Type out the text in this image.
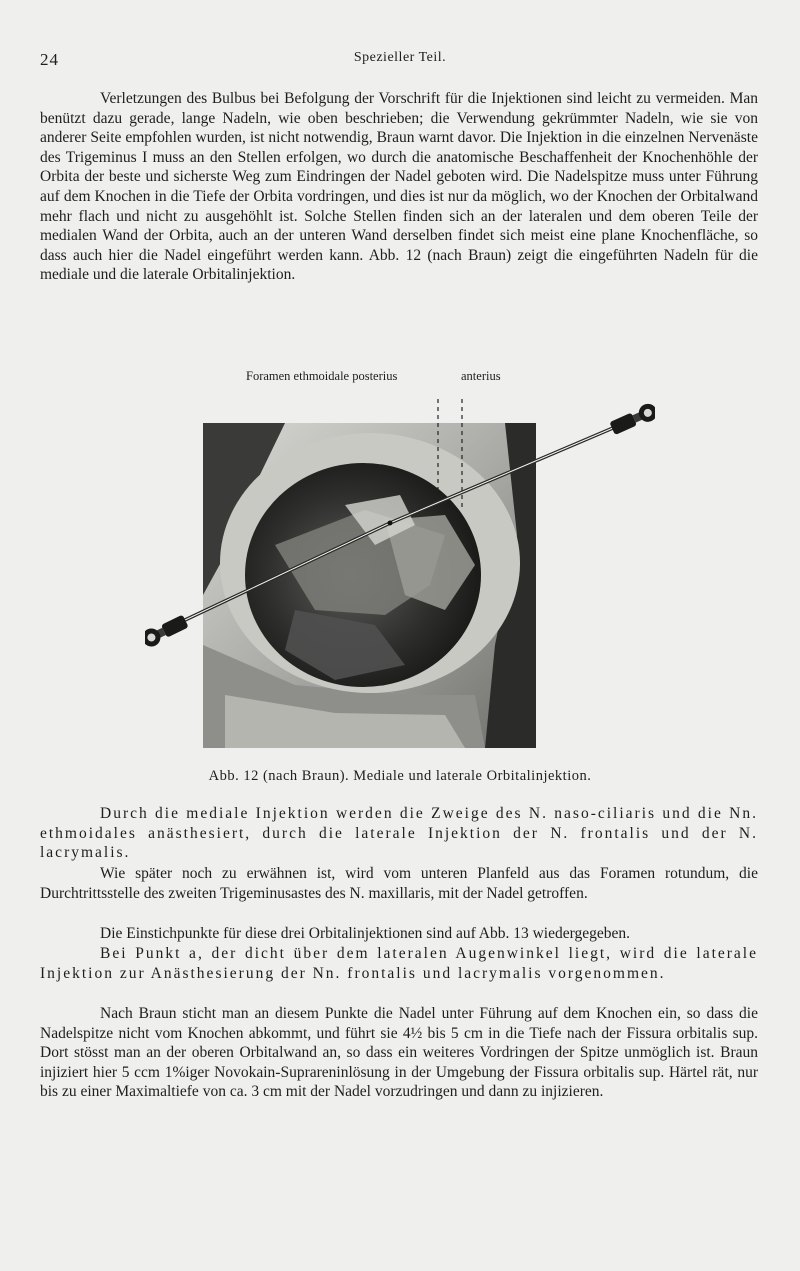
24	Spezieller Teil.

Verletzungen des Bulbus bei Befolgung der Vorschrift für die Injektionen sind leicht zu vermeiden. Man benützt dazu gerade, lange Nadeln, wie oben beschrieben; die Verwendung gekrümmter Nadeln, wie sie von anderer Seite empfohlen wurden, ist nicht notwendig, Braun warnt davor. Die Injektion in die einzelnen Nervenäste des Trigeminus I muss an den Stellen erfolgen, wo durch die anatomische Beschaffenheit der Knochenhöhle der Orbita der beste und sicherste Weg zum Eindringen der Nadel geboten wird. Die Nadelspitze muss unter Führung auf dem Knochen in die Tiefe der Orbita vordringen, und dies ist nur da möglich, wo der Knochen der Orbitalwand mehr flach und nicht zu ausgehöhlt ist. Solche Stellen finden sich an der lateralen und dem oberen Teile der medialen Wand der Orbita, auch an der unteren Wand derselben findet sich meist eine plane Knochenfläche, so dass auch hier die Nadel eingeführt werden kann. Abb. 12 (nach Braun) zeigt die eingeführten Nadeln für die mediale und die laterale Orbitalinjektion.

Foramen ethmoidale posterius	anterius
Abb. 12 (nach Braun). Mediale und laterale Orbitalinjektion.

Durch die mediale Injektion werden die Zweige des N. naso-ciliaris und die Nn. ethmoidales anästhesiert, durch die laterale Injektion der N. frontalis und der N. lacrymalis.

Wie später noch zu erwähnen ist, wird vom unteren Planfeld aus das Foramen rotundum, die Durchtrittsstelle des zweiten Trigeminusastes des N. maxillaris, mit der Nadel getroffen.

Die Einstichpunkte für diese drei Orbitalinjektionen sind auf Abb. 13 wiedergegeben.

Bei Punkt a, der dicht über dem lateralen Augenwinkel liegt, wird die laterale Injektion zur Anästhesierung der Nn. frontalis und lacrymalis vorgenommen.

Nach Braun sticht man an diesem Punkte die Nadel unter Führung auf dem Knochen ein, so dass die Nadelspitze nicht vom Knochen abkommt, und führt sie 4½ bis 5 cm in die Tiefe nach der Fissura orbitalis sup. Dort stösst man an der oberen Orbitalwand an, so dass ein weiteres Vordringen der Spitze unmöglich ist. Braun injiziert hier 5 ccm 1%iger Novokain-Suprareninlösung in der Umgebung der Fissura orbitalis sup. Härtel rät, nur bis zu einer Maximaltiefe von ca. 3 cm mit der Nadel vorzudringen und dann zu injizieren.
